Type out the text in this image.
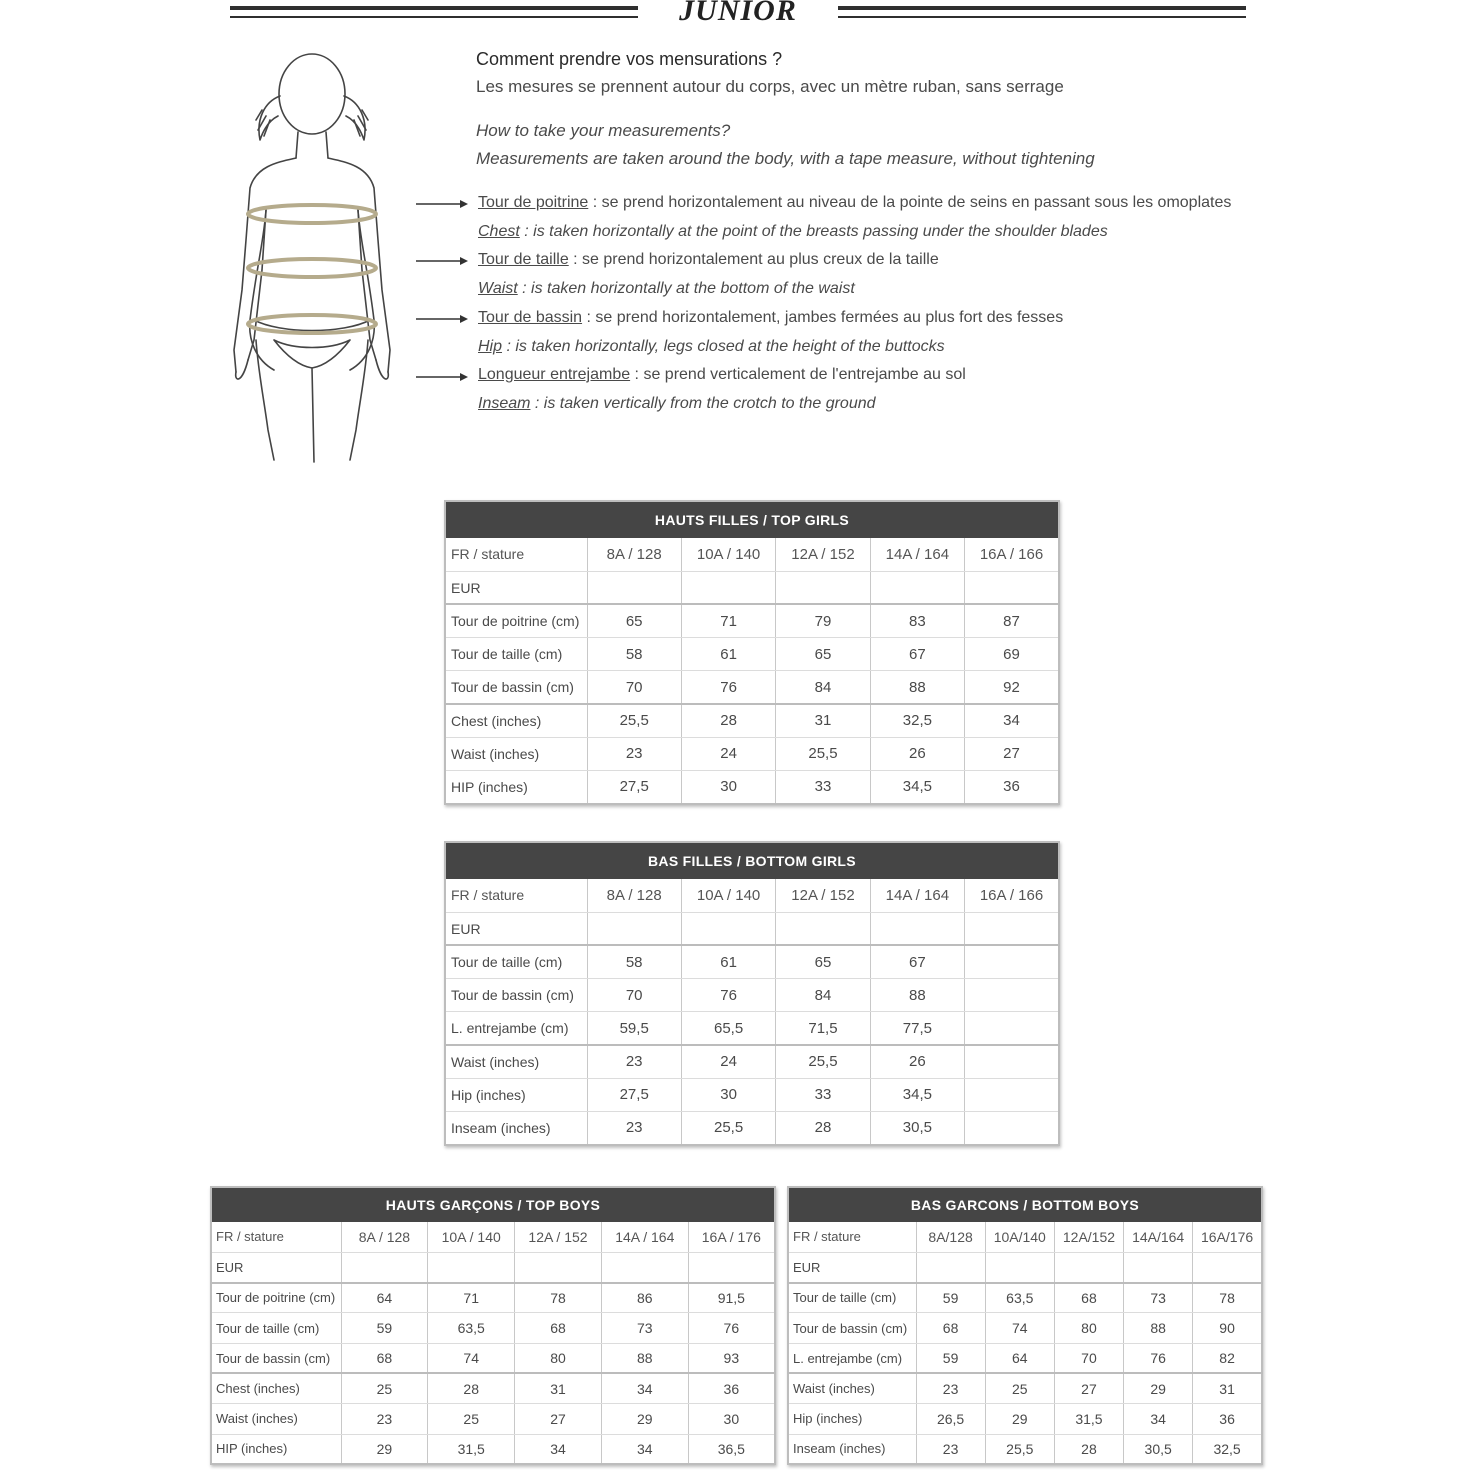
JUNIOR
Comment prendre vos mensurations ?
Les mesures se prennent autour du corps, avec un mètre ruban, sans serrage
How to take your measurements?
Measurements are taken around the body, with a tape measure, without tightening
Tour de poitrine : se prend horizontalement au niveau de la pointe de seins en passant sous les omoplates
Chest : is taken horizontally at the point of the breasts passing under the shoulder blades
Tour de taille : se prend horizontalement au plus creux de la taille
Waist : is taken horizontally at the bottom of the waist
Tour de bassin : se prend horizontalement, jambes fermées au plus fort des fesses
Hip : is taken horizontally, legs closed at the height of the buttocks
Longueur entrejambe : se prend verticalement de l'entrejambe au sol
Inseam : is taken vertically from the crotch to the ground
HAUTS FILLES / TOP GIRLS					
FR / stature	8A / 128	10A / 140	12A / 152	14A / 164	16A / 166
EUR					
Tour de poitrine (cm)	65	71	79	83	87
Tour de taille (cm)	58	61	65	67	69
Tour de bassin (cm)	70	76	84	88	92
Chest (inches)	25,5	28	31	32,5	34
Waist (inches)	23	24	25,5	26	27
HIP (inches)	27,5	30	33	34,5	36
BAS FILLES / BOTTOM GIRLS					
FR / stature	8A / 128	10A / 140	12A / 152	14A / 164	16A / 166
EUR					
Tour de taille (cm)	58	61	65	67	
Tour de bassin (cm)	70	76	84	88	
L. entrejambe (cm)	59,5	65,5	71,5	77,5	
Waist (inches)	23	24	25,5	26	
Hip (inches)	27,5	30	33	34,5	
Inseam (inches)	23	25,5	28	30,5	
HAUTS GARÇONS / TOP BOYS					
FR / stature	8A / 128	10A / 140	12A / 152	14A / 164	16A / 176
EUR					
Tour de poitrine (cm)	64	71	78	86	91,5
Tour de taille (cm)	59	63,5	68	73	76
Tour de bassin (cm)	68	74	80	88	93
Chest (inches)	25	28	31	34	36
Waist (inches)	23	25	27	29	30
HIP (inches)	29	31,5	34	34	36,5
BAS GARCONS / BOTTOM BOYS					
FR / stature	8A/128	10A/140	12A/152	14A/164	16A/176
EUR					
Tour de taille (cm)	59	63,5	68	73	78
Tour de bassin (cm)	68	74	80	88	90
L. entrejambe (cm)	59	64	70	76	82
Waist (inches)	23	25	27	29	31
Hip (inches)	26,5	29	31,5	34	36
Inseam (inches)	23	25,5	28	30,5	32,5
